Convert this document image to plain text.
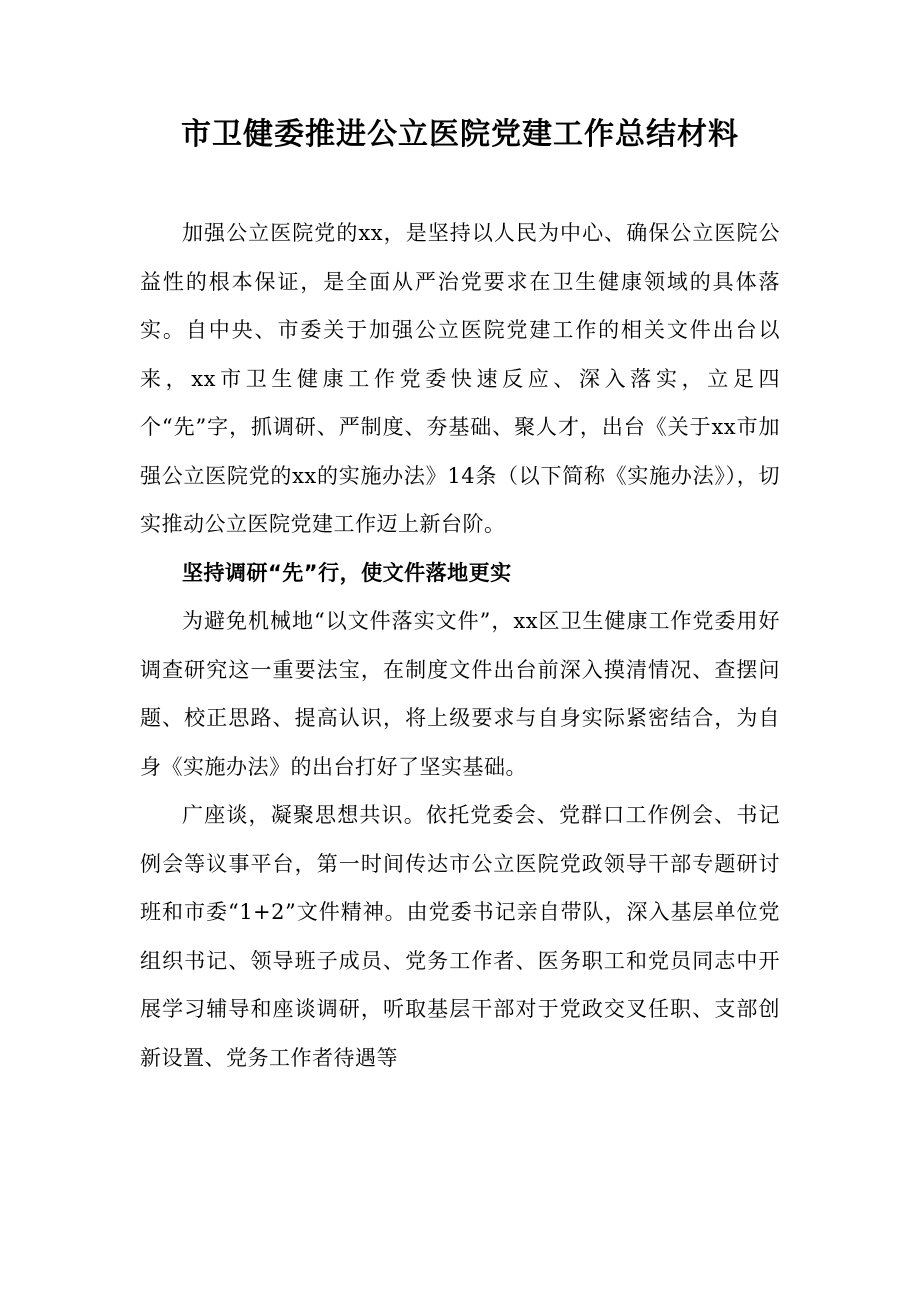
市卫健委推进公立医院党建工作总结材料

加强公立医院党的xx，是坚持以人民为中心、确保公立医院公益性的根本保证，是全面从严治党要求在卫生健康领域的具体落实。自中央、市委关于加强公立医院党建工作的相关文件出台以来，xx市卫生健康工作党委快速反应、深入落实，立足四个“先”字，抓调研、严制度、夯基础、聚人才，出台《关于xx市加强公立医院党的xx的实施办法》14条（以下简称《实施办法》），切实推动公立医院党建工作迈上新台阶。

坚持调研“先”行，使文件落地更实

为避免机械地“以文件落实文件”，xx区卫生健康工作党委用好调查研究这一重要法宝，在制度文件出台前深入摸清情况、查摆问题、校正思路、提高认识，将上级要求与自身实际紧密结合，为自身《实施办法》的出台打好了坚实基础。

广座谈，凝聚思想共识。依托党委会、党群口工作例会、书记例会等议事平台，第一时间传达市公立医院党政领导干部专题研讨班和市委“1+2”文件精神。由党委书记亲自带队，深入基层单位党组织书记、领导班子成员、党务工作者、医务职工和党员同志中开展学习辅导和座谈调研，听取基层干部对于党政交叉任职、支部创新设置、党务工作者待遇等
